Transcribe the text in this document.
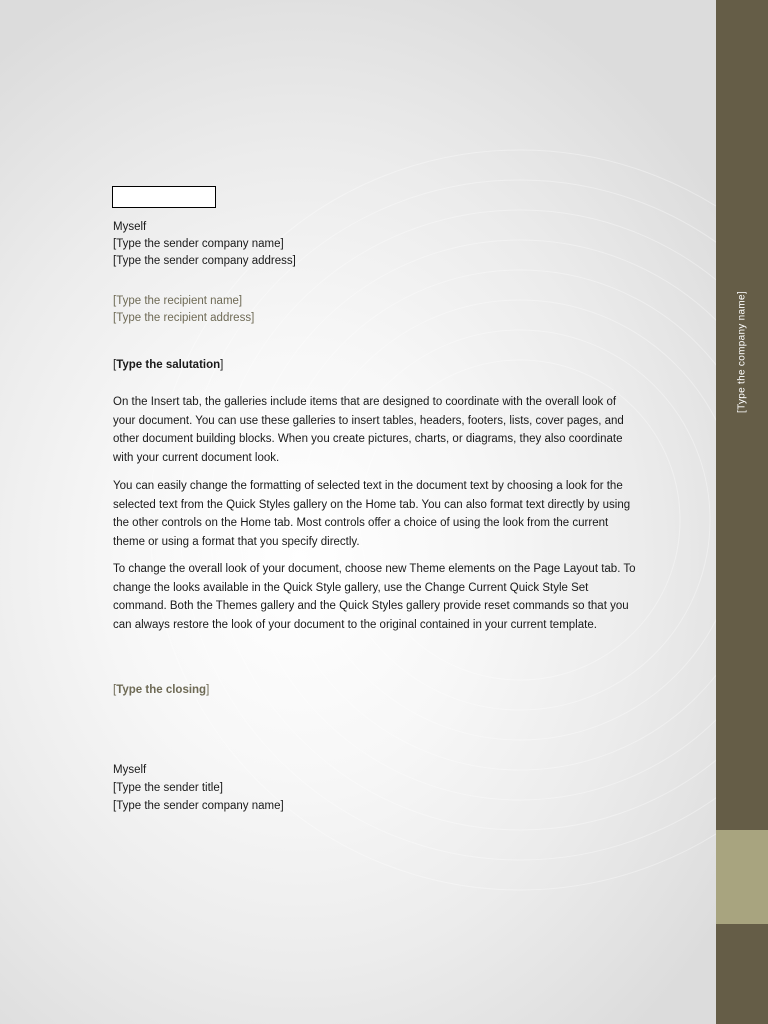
[Type the company name]
Myself
[Type the sender company name]
[Type the sender company address]
[Type the recipient name]
[Type the recipient address]
[Type the salutation]

On the Insert tab, the galleries include items that are designed to coordinate with the overall look of your document. You can use these galleries to insert tables, headers, footers, lists, cover pages, and other document building blocks. When you create pictures, charts, or diagrams, they also coordinate with your current document look.

You can easily change the formatting of selected text in the document text by choosing a look for the selected text from the Quick Styles gallery on the Home tab. You can also format text directly by using the other controls on the Home tab. Most controls offer a choice of using the look from the current theme or using a format that you specify directly.

To change the overall look of your document, choose new Theme elements on the Page Layout tab. To change the looks available in the Quick Style gallery, use the Change Current Quick Style Set command. Both the Themes gallery and the Quick Styles gallery provide reset commands so that you can always restore the look of your document to the original contained in your current template.

[Type the closing]
Myself
[Type the sender title]
[Type the sender company name]
